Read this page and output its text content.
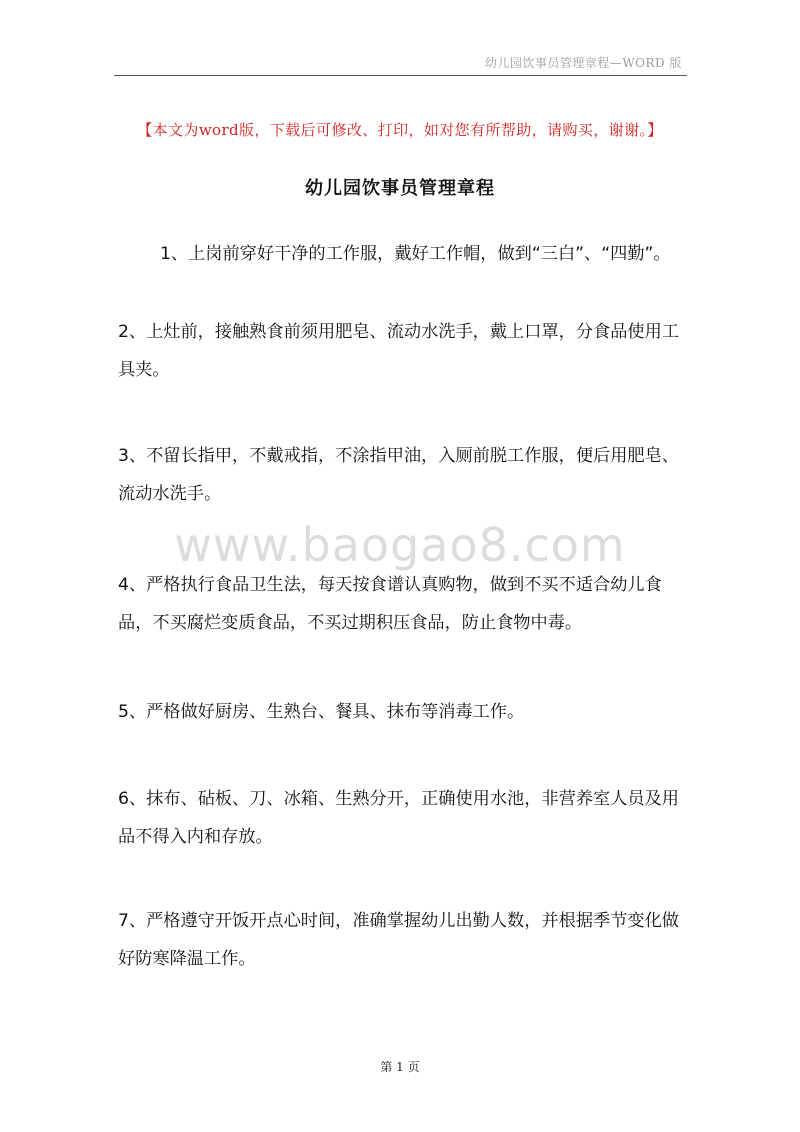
幼儿园饮事员管理章程—WORD 版
【本文为word版，下载后可修改、打印，如对您有所帮助，请购买，谢谢。】
幼儿园饮事员管理章程

1、上岗前穿好干净的工作服，戴好工作帽，做到“三白”、“四勤”。

2、上灶前，接触熟食前须用肥皂、流动水洗手，戴上口罩，分食品使用工具夹。

3、不留长指甲，不戴戒指，不涂指甲油，入厕前脱工作服，便后用肥皂、流动水洗手。

4、严格执行食品卫生法，每天按食谱认真购物，做到不买不适合幼儿食品，不买腐烂变质食品，不买过期积压食品，防止食物中毒。

5、严格做好厨房、生熟台、餐具、抹布等消毒工作。

6、抹布、砧板、刀、冰箱、生熟分开，正确使用水池，非营养室人员及用品不得入内和存放。

7、严格遵守开饭开点心时间，准确掌握幼儿出勤人数，并根据季节变化做好防寒降温工作。

www.baogao8.com
第 1 页
